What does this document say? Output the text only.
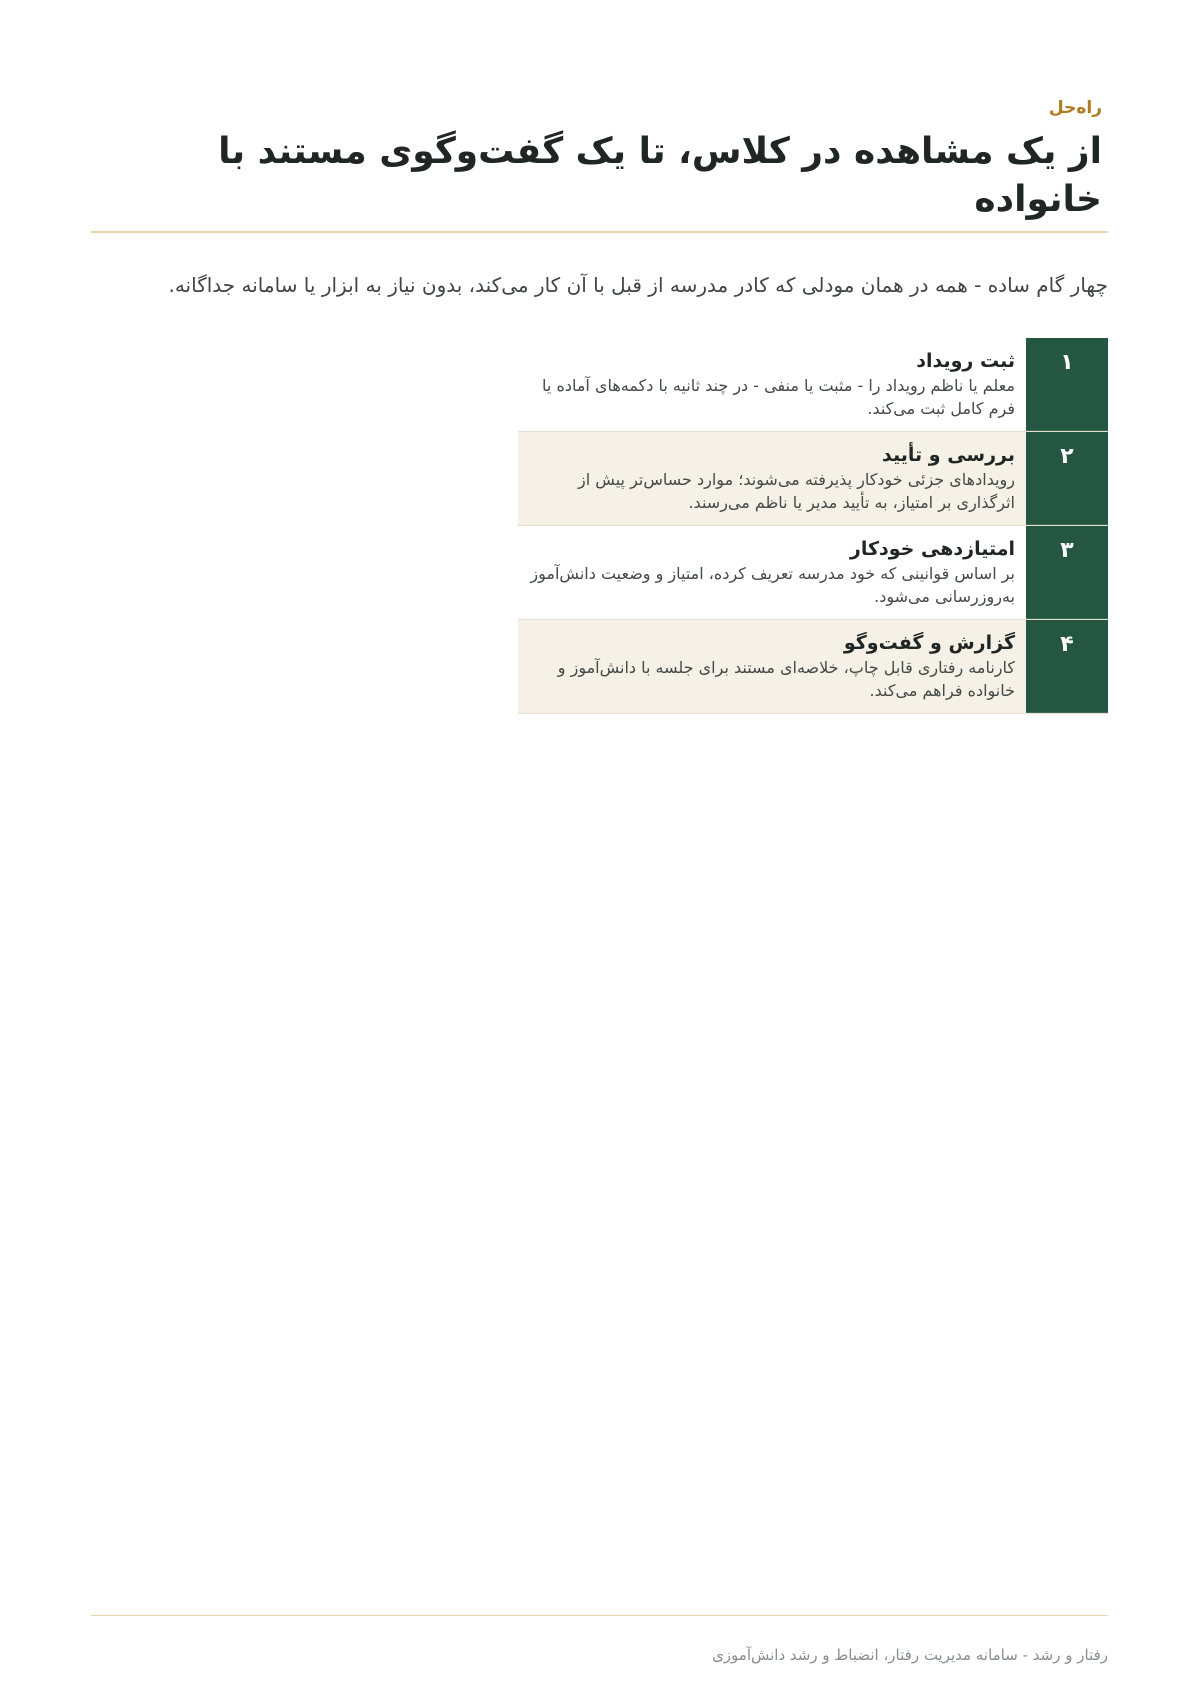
راه‌حل
از یک مشاهده در کلاس، تا یک گفت‌وگوی مستند با خانواده

چهار گام ساده - همه در همان مودلی که کادر مدرسه از قبل با آن کار می‌کند، بدون نیاز به ابزار یا سامانه جداگانه.

۱
ثبت رویداد
معلم یا ناظم رویداد را - مثبت یا منفی - در چند ثانیه با دکمه‌های آماده یا فرم کامل ثبت می‌کند.
۲
بررسی و تأیید
رویدادهای جزئی خودکار پذیرفته می‌شوند؛ موارد حساس‌تر پیش از اثرگذاری بر امتیاز، به تأیید مدیر یا ناظم می‌رسند.
۳
امتیازدهی خودکار
بر اساس قوانینی که خود مدرسه تعریف کرده، امتیاز و وضعیت دانش‌آموز به‌روزرسانی می‌شود.
۴
گزارش و گفت‌وگو
کارنامه رفتاری قابل چاپ، خلاصه‌ای مستند برای جلسه با دانش‌آموز و خانواده فراهم می‌کند.
رفتار و رشد - سامانه مدیریت رفتار، انضباط و رشد دانش‌آموزی
